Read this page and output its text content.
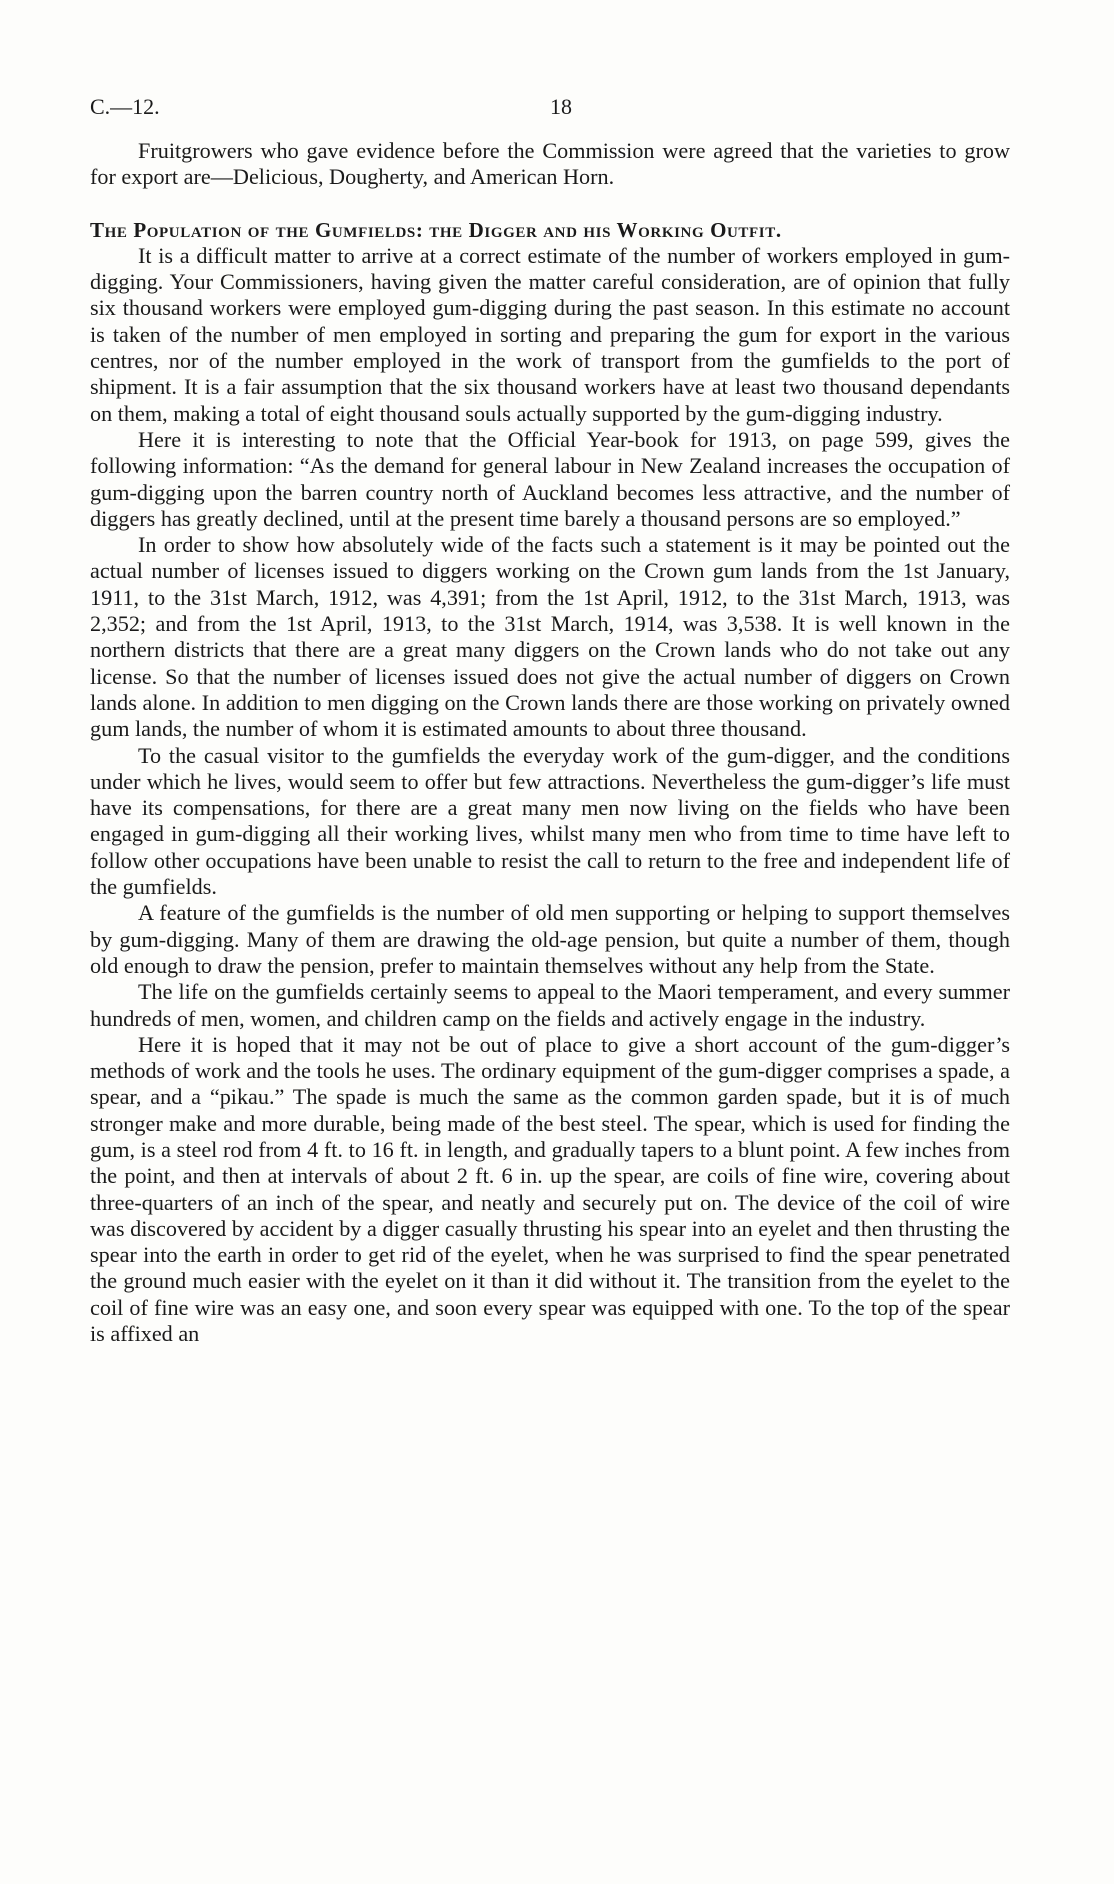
C.—12.	18

Fruitgrowers who gave evidence before the Commission were agreed that the varieties to grow for export are—Delicious, Dougherty, and American Horn.

The Population of the Gumfields: the Digger and his Working Outfit.

It is a difficult matter to arrive at a correct estimate of the number of workers employed in gum-digging. Your Commissioners, having given the matter careful consideration, are of opinion that fully six thousand workers were employed gum-digging during the past season. In this estimate no account is taken of the number of men employed in sorting and preparing the gum for export in the various centres, nor of the number employed in the work of transport from the gumfields to the port of shipment. It is a fair assumption that the six thousand workers have at least two thousand dependants on them, making a total of eight thousand souls actually supported by the gum-digging industry.

Here it is interesting to note that the Official Year-book for 1913, on page 599, gives the following information: “As the demand for general labour in New Zealand increases the occupation of gum-digging upon the barren country north of Auckland becomes less attractive, and the number of diggers has greatly declined, until at the present time barely a thousand persons are so employed.”

In order to show how absolutely wide of the facts such a statement is it may be pointed out the actual number of licenses issued to diggers working on the Crown gum lands from the 1st January, 1911, to the 31st March, 1912, was 4,391; from the 1st April, 1912, to the 31st March, 1913, was 2,352; and from the 1st April, 1913, to the 31st March, 1914, was 3,538. It is well known in the northern districts that there are a great many diggers on the Crown lands who do not take out any license. So that the number of licenses issued does not give the actual number of diggers on Crown lands alone. In addition to men digging on the Crown lands there are those working on privately owned gum lands, the number of whom it is estimated amounts to about three thousand.

To the casual visitor to the gumfields the everyday work of the gum-digger, and the conditions under which he lives, would seem to offer but few attractions. Nevertheless the gum-digger’s life must have its compensations, for there are a great many men now living on the fields who have been engaged in gum-digging all their working lives, whilst many men who from time to time have left to follow other occupations have been unable to resist the call to return to the free and independent life of the gumfields.

A feature of the gumfields is the number of old men supporting or helping to support themselves by gum-digging. Many of them are drawing the old-age pension, but quite a number of them, though old enough to draw the pension, prefer to maintain themselves without any help from the State.

The life on the gumfields certainly seems to appeal to the Maori temperament, and every summer hundreds of men, women, and children camp on the fields and actively engage in the industry.

Here it is hoped that it may not be out of place to give a short account of the gum-digger’s methods of work and the tools he uses. The ordinary equipment of the gum-digger comprises a spade, a spear, and a “pikau.” The spade is much the same as the common garden spade, but it is of much stronger make and more durable, being made of the best steel. The spear, which is used for finding the gum, is a steel rod from 4 ft. to 16 ft. in length, and gradually tapers to a blunt point. A few inches from the point, and then at intervals of about 2 ft. 6 in. up the spear, are coils of fine wire, covering about three-quarters of an inch of the spear, and neatly and securely put on. The device of the coil of wire was discovered by accident by a digger casually thrusting his spear into an eyelet and then thrusting the spear into the earth in order to get rid of the eyelet, when he was surprised to find the spear penetrated the ground much easier with the eyelet on it than it did without it. The transition from the eyelet to the coil of fine wire was an easy one, and soon every spear was equipped with one. To the top of the spear is affixed an
